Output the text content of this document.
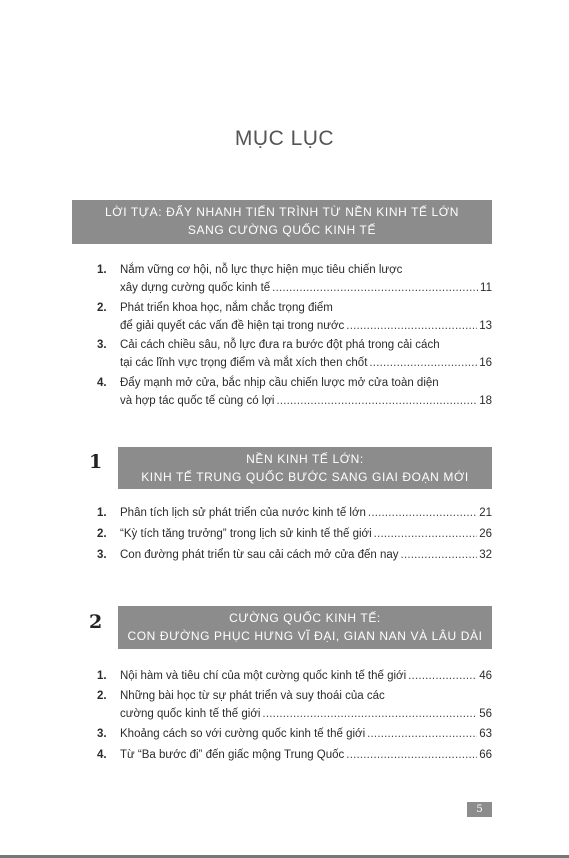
MỤC LỤC
LỜI TỰA: ĐẨY NHANH TIẾN TRÌNH TỪ NỀN KINH TẾ LỚN
SANG CƯỜNG QUỐC KINH TẾ
1. Nắm vững cơ hội, nỗ lực thực hiện mục tiêu chiến lược
xây dựng cường quốc kinh tế .....	11
2. Phát triển khoa học, nắm chắc trọng điểm
để giải quyết các vấn đề hiện tại trong nước .....	13
3. Cải cách chiều sâu, nỗ lực đưa ra bước đột phá trong cải cách
tại các lĩnh vực trọng điểm và mắt xích then chốt .....	16
4. Đẩy mạnh mở cửa, bắc nhịp cầu chiến lược mở cửa toàn diện
và hợp tác quốc tế cùng có lợi .....	18
1	NỀN KINH TẾ LỚN:
KINH TẾ TRUNG QUỐC BƯỚC SANG GIAI ĐOẠN MỚI
1. Phân tích lịch sử phát triển của nước kinh tế lớn .....	21
2. “Kỳ tích tăng trưởng” trong lịch sử kinh tế thế giới .....	26
3. Con đường phát triển từ sau cải cách mở cửa đến nay .....	32
2	CƯỜNG QUỐC KINH TẾ:
CON ĐƯỜNG PHỤC HƯNG VĨ ĐẠI, GIAN NAN VÀ LÂU DÀI
1. Nội hàm và tiêu chí của một cường quốc kinh tế thế giới .....	46
2. Những bài học từ sự phát triển và suy thoái của các
cường quốc kinh tế thế giới .....	56
3. Khoảng cách so với cường quốc kinh tế thế giới .....	63
4. Từ “Ba bước đi” đến giấc mộng Trung Quốc .....	66
5
